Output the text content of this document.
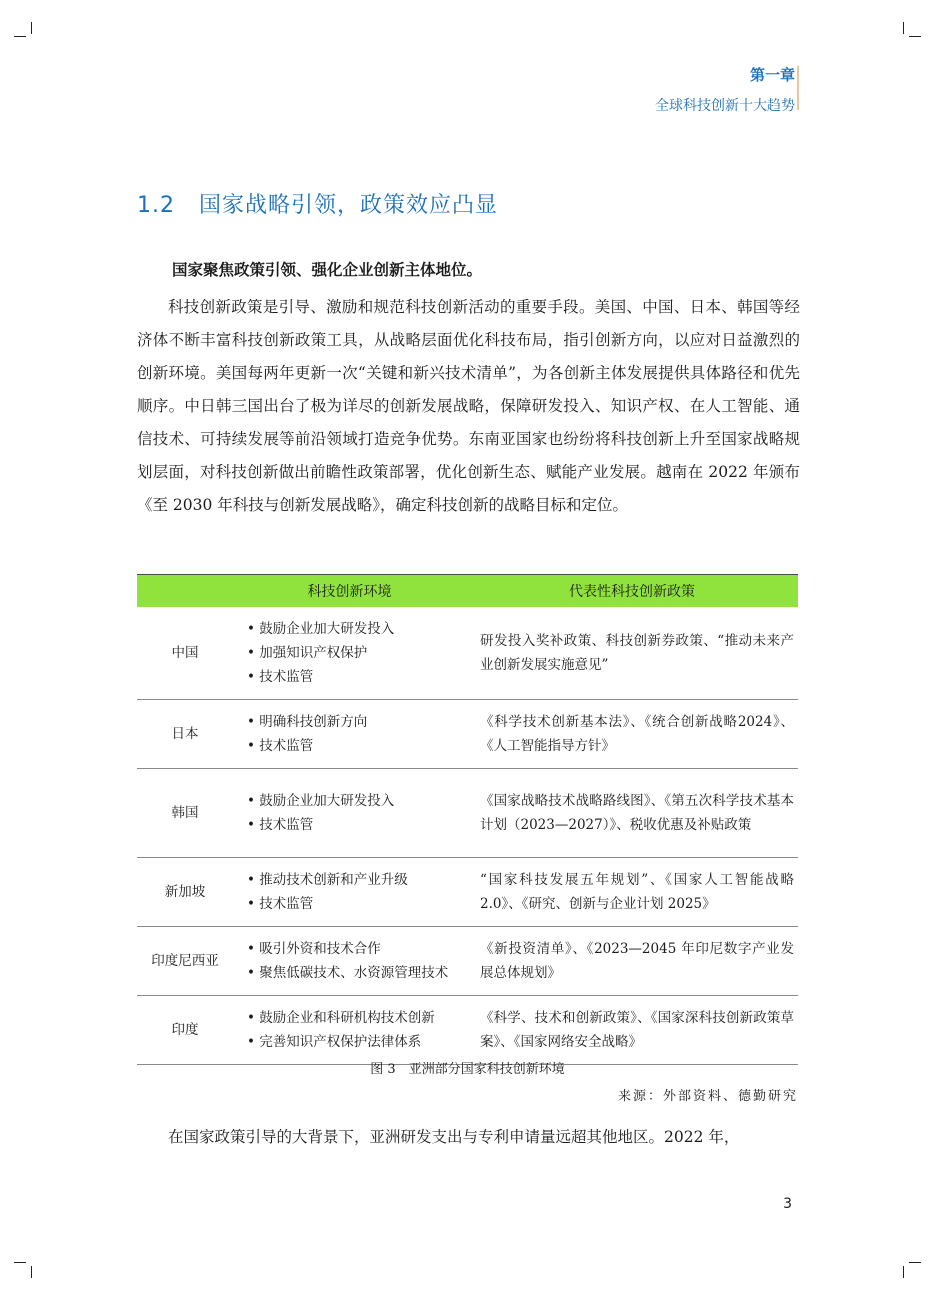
第一章
全球科技创新十大趋势
1.2 国家战略引领，政策效应凸显
国家聚焦政策引领、强化企业创新主体地位。

科技创新政策是引导、激励和规范科技创新活动的重要手段。美国、中国、日本、韩国等经济体不断丰富科技创新政策工具，从战略层面优化科技布局，指引创新方向，以应对日益激烈的创新环境。美国每两年更新一次“关键和新兴技术清单”，为各创新主体发展提供具体路径和优先顺序。中日韩三国出台了极为详尽的创新发展战略，保障研发投入、知识产权、在人工智能、通信技术、可持续发展等前沿领域打造竞争优势。东南亚国家也纷纷将科技创新上升至国家战略规划层面，对科技创新做出前瞻性政策部署，优化创新生态、赋能产业发展。越南在 2022 年颁布《至 2030 年科技与创新发展战略》，确定科技创新的战略目标和定位。

	科技创新环境	代表性科技创新政策
中国	• 鼓励企业加大研发投入
• 加强知识产权保护
• 技术监管	研发投入奖补政策、科技创新券政策、“推动未来产业创新发展实施意见”
日本	• 明确科技创新方向
• 技术监管	《科学技术创新基本法》、《统合创新战略2024》、《人工智能指导方针》
韩国	• 鼓励企业加大研发投入
• 技术监管	《国家战略技术战略路线图》、《第五次科学技术基本计划（2023—2027）》、税收优惠及补贴政策
新加坡	• 推动技术创新和产业升级
• 技术监管	“国家科技发展五年规划”、《国家人工智能战略2.0》、《研究、创新与企业计划 2025》
印度尼西亚	• 吸引外资和技术合作
• 聚焦低碳技术、水资源管理技术	《新投资清单》、《2023—2045 年印尼数字产业发展总体规划》
印度	• 鼓励企业和科研机构技术创新
• 完善知识产权保护法律体系	《科学、技术和创新政策》、《国家深科技创新政策草案》、《国家网络安全战略》
图 3　亚洲部分国家科技创新环境
来源：外部资料、德勤研究

在国家政策引导的大背景下，亚洲研发支出与专利申请量远超其他地区。2022 年，

3
